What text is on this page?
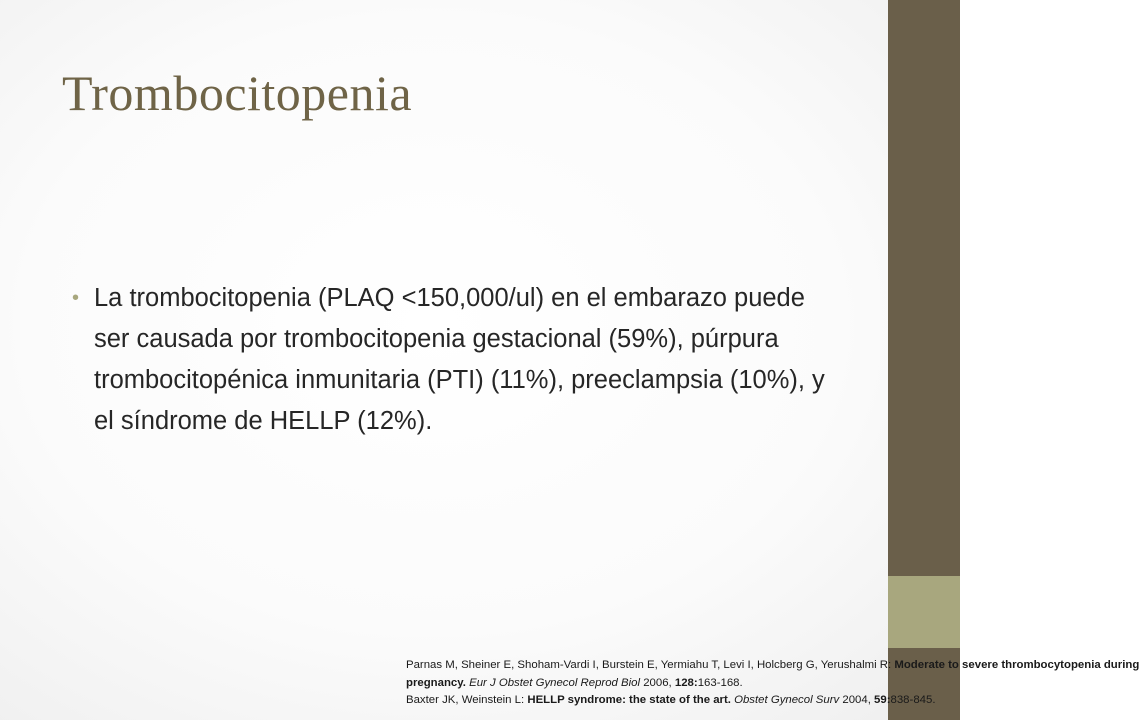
Trombocitopenia
• La trombocitopenia (PLAQ <150,000/ul) en el embarazo puede ser causada por trombocitopenia gestacional (59%), púrpura trombocitopénica inmunitaria (PTI) (11%), preeclampsia (10%), y el síndrome de HELLP (12%).
Parnas M, Sheiner E, Shoham-Vardi I, Burstein E, Yermiahu T, Levi I, Holcberg G, Yerushalmi R: Moderate to severe thrombocytopenia during
pregnancy. Eur J Obstet Gynecol Reprod Biol 2006, 128:163-168.
Baxter JK, Weinstein L: HELLP syndrome: the state of the art. Obstet Gynecol Surv 2004, 59:838-845.
